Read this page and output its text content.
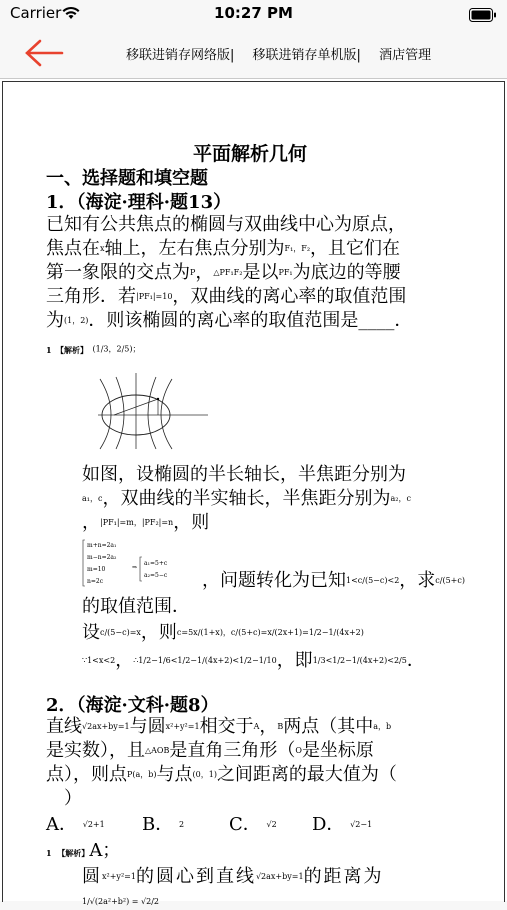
Carrier	10:27 PM
移联进销存网络版| 移联进销存单机版| 酒店管理
平面解析几何
一、选择题和填空题
1．（海淀·理科·题13）
已知有公共焦点的椭圆与双曲线中心为原点，
焦点在x轴上，左右焦点分别为F₁，F₂，且它们在
第一象限的交点为P，△PF₁F₂是以PF₁为底边的等腰
三角形．若|PF₁|=10，双曲线的离心率的取值范围
为(1，2)．则该椭圆的离心率的取值范围是____．
1 【解析】 (1/3，2/5)；
如图，设椭圆的半长轴长，半焦距分别为
a₁，c，双曲线的半实轴长，半焦距分别为a₂，c
，|PF₁|=m，|PF₂|=n，则
m+n=2a₁
m−n=2a₂
m=10
n=2c
⇒
a₁=5+c
a₂=5−c ，问题转化为已知1<c/(5−c)<2，求c/(5+c)
的取值范围．
设c/(5−c)=x，则c=5x/(1+x)，c/(5+c)=x/(2x+1)=1/2−1/(4x+2)
∵1<x<2，∴1/2−1/6<1/2−1/(4x+2)<1/2−1/10，即1/3<1/2−1/(4x+2)<2/5．
2．（海淀·文科·题8）
直线√2ax+by=1与圆x²+y²=1相交于A，B两点（其中a，b
是实数），且△AOB是直角三角形（O是坐标原
点），则点P(a，b)与点(0，1)之间距离的最大值为（
）
A． √2+1 B． 2 C． √2 D． √2−1
1 【解析】A；
圆x²+y²=1的圆心到直线√2ax+by=1的距离为
1/√(2a²+b²) = √2/2
